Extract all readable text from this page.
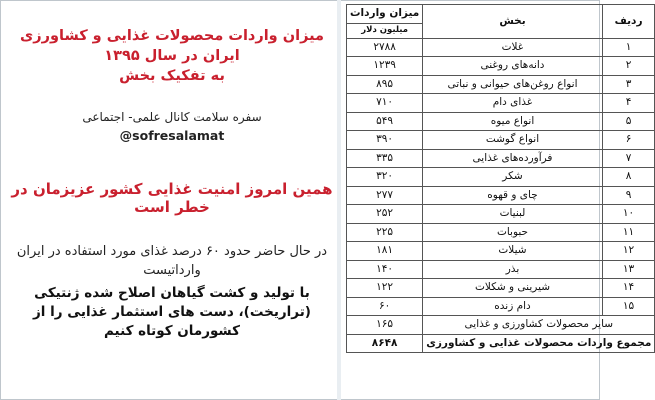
میزان واردات محصولات غذایی و کشاورزی ایران در سال ۱۳۹۵
به تفکیک بخش
سفره سلامت کانال علمی- اجتماعی
@sofresalamat
همین امروز امنیت غذایی کشور عزیزمان در خطر است
در حال حاضر حدود ۶۰ درصد غذای مورد استفاده در ایران وارداتیست
با تولید و کشت گیاهان اصلاح شده ژنتیکی (تراریخت)، دست های استثمار غذایی را از کشورمان کوتاه کنیم
ردیف	بخش	میزان واردات
		میلیون دلار
۱	غلات	۲۷۸۸
۲	دانه‌های روغنی	۱۲۳۹
۳	انواع روغن‌های حیوانی و نباتی	۸۹۵
۴	غذای دام	۷۱۰
۵	انواع میوه	۵۴۹
۶	انواع گوشت	۳۹۰
۷	فرآورده‌های غذایی	۳۳۵
۸	شکر	۳۲۰
۹	چای و قهوه	۲۷۷
۱۰	لبنیات	۲۵۲
۱۱	حبوبات	۲۲۵
۱۲	شیلات	۱۸۱
۱۳	بذر	۱۴۰
۱۴	شیرینی و شکلات	۱۲۲
۱۵	دام زنده	۶۰
سایر محصولات کشاورزی و غذایی		۱۶۵
مجموع واردات محصولات غذایی و کشاورزی		۸۶۴۸
